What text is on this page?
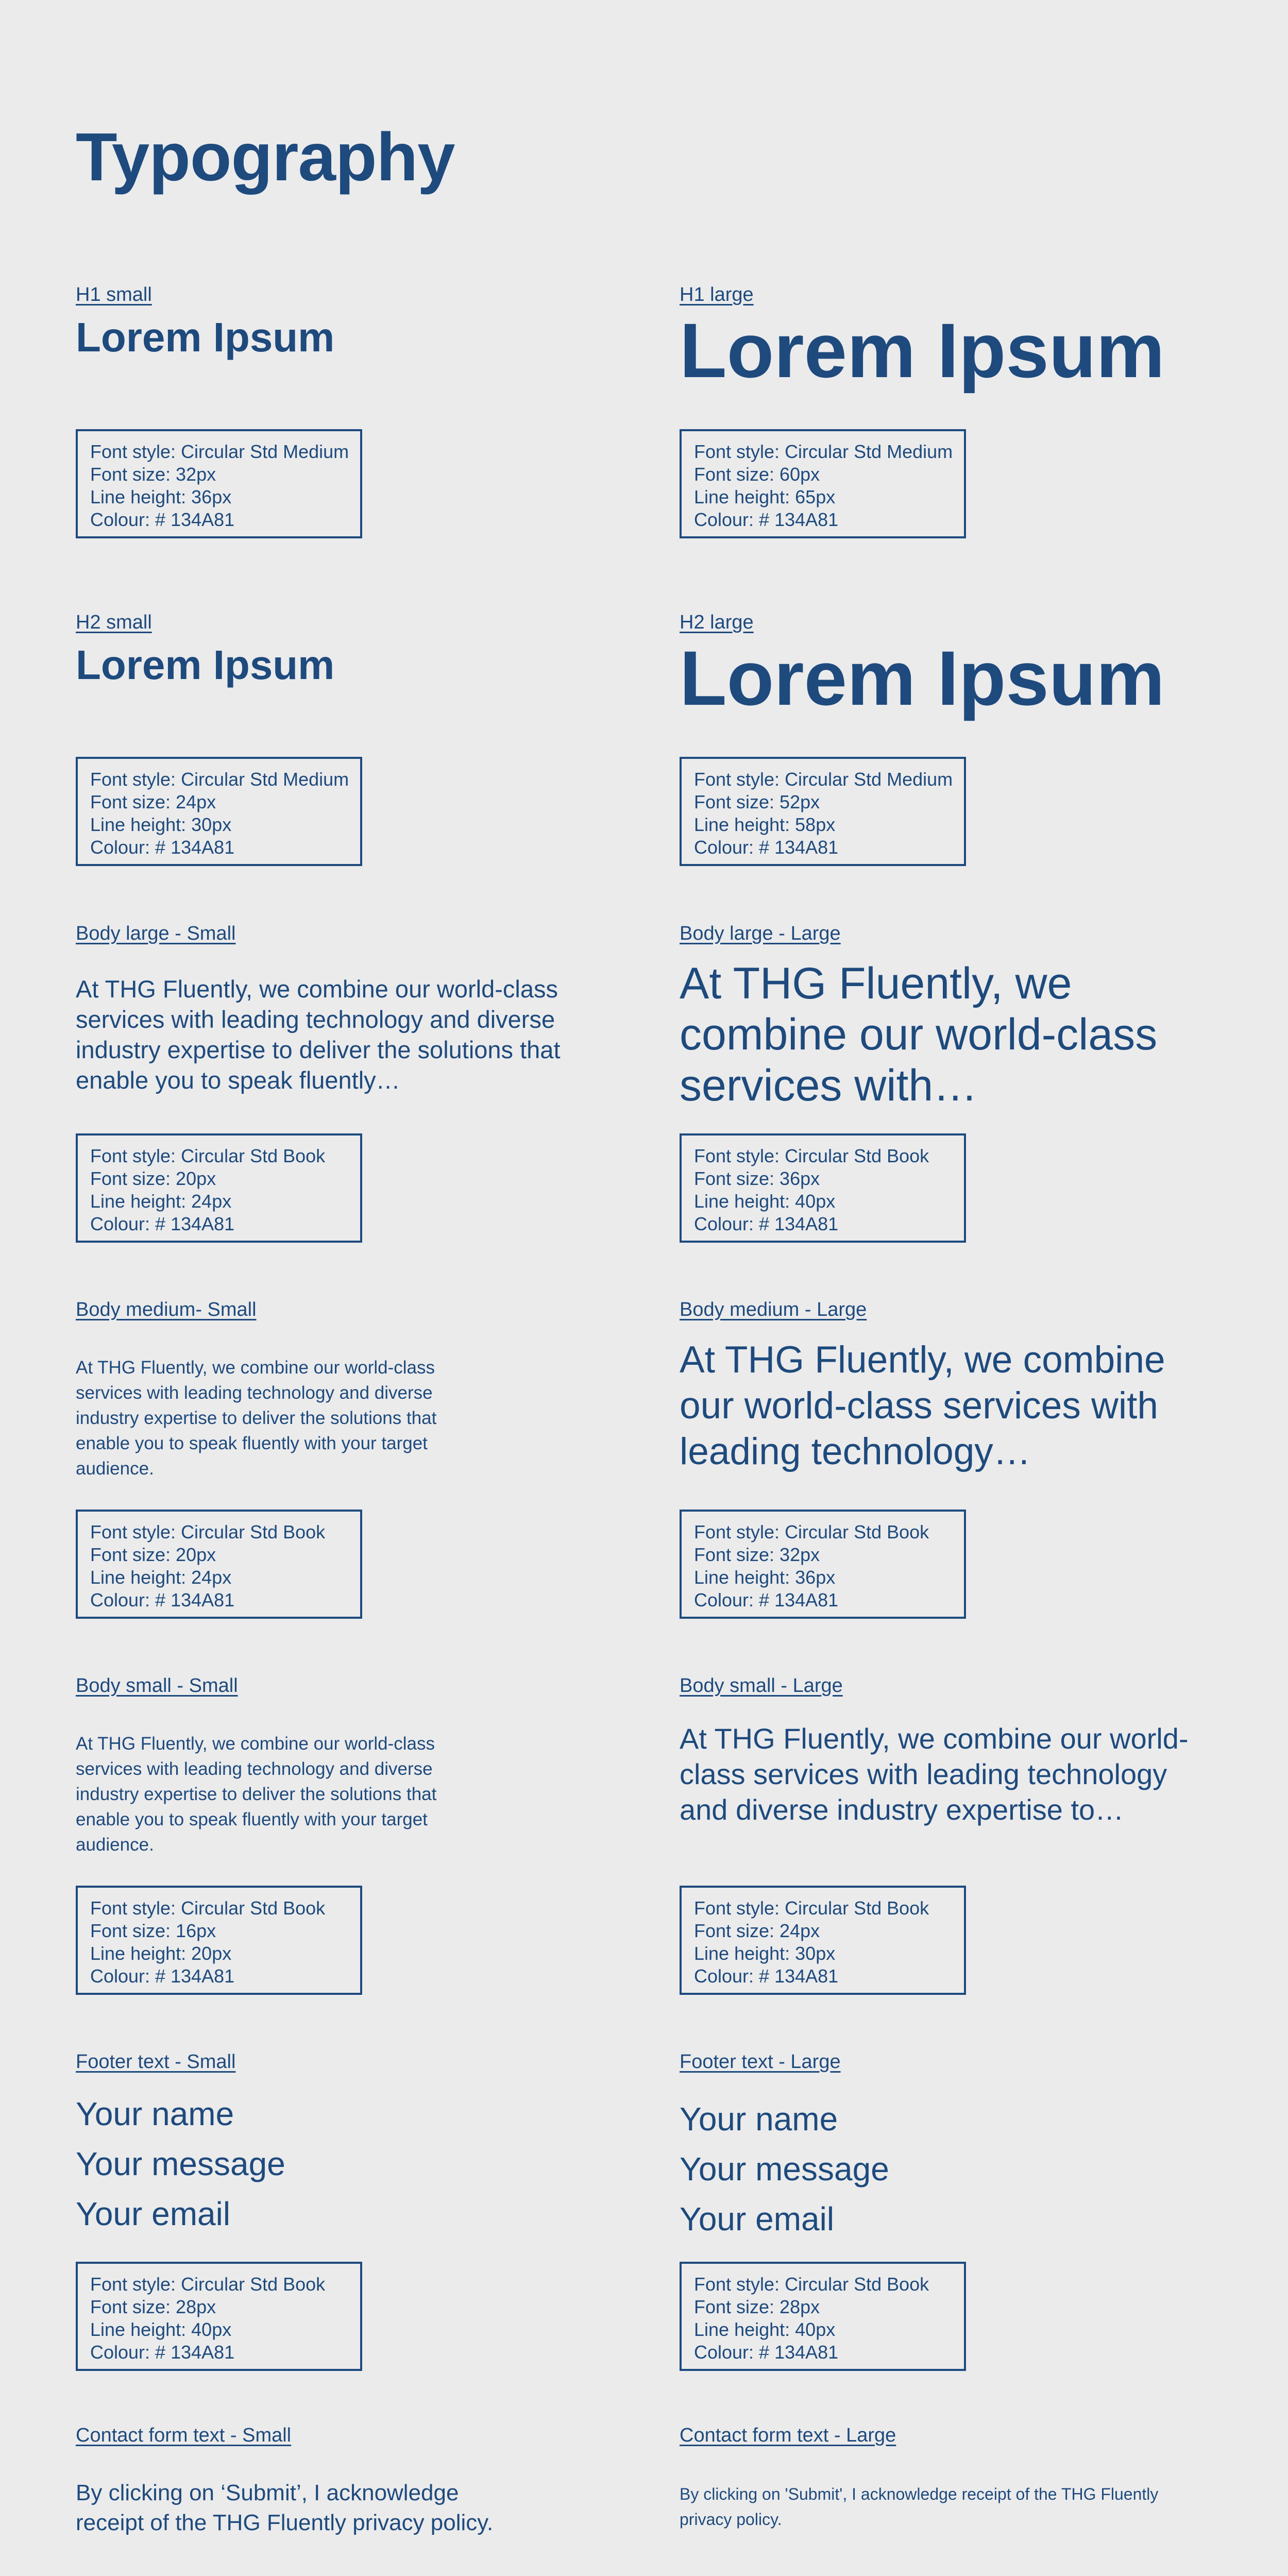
Typography
H1 small
Lorem Ipsum
Font style: Circular Std Medium
Font size: 32px
Line height: 36px
Colour: # 134A81
H1 large
Lorem Ipsum
Font style: Circular Std Medium
Font size: 60px
Line height: 65px
Colour: # 134A81
H2 small
Lorem Ipsum
Font style: Circular Std Medium
Font size: 24px
Line height: 30px
Colour: # 134A81
H2 large
Lorem Ipsum
Font style: Circular Std Medium
Font size: 52px
Line height: 58px
Colour: # 134A81
Body large - Small
At THG Fluently, we combine our world-class services with leading technology and diverse industry expertise to deliver the solutions that enable you to speak fluently…
Font style: Circular Std Book
Font size: 20px
Line height: 24px
Colour: # 134A81
Body large - Large
At THG Fluently, we combine our world-class services with…
Font style: Circular Std Book
Font size: 36px
Line height: 40px
Colour: # 134A81
Body medium- Small
At THG Fluently, we combine our world-class services with leading technology and diverse industry expertise to deliver the solutions that enable you to speak fluently with your target audience.
Font style: Circular Std Book
Font size: 20px
Line height: 24px
Colour: # 134A81
Body medium - Large
At THG Fluently, we combine our world-class services with leading technology…
Font style: Circular Std Book
Font size: 32px
Line height: 36px
Colour: # 134A81
Body small - Small
At THG Fluently, we combine our world-class services with leading technology and diverse industry expertise to deliver the solutions that enable you to speak fluently with your target audience.
Font style: Circular Std Book
Font size: 16px
Line height: 20px
Colour: # 134A81
Body small - Large
At THG Fluently, we combine our world-class services with leading technology and diverse industry expertise to…
Font style: Circular Std Book
Font size: 24px
Line height: 30px
Colour: # 134A81
Footer text - Small
Your name
Your message
Your email
Font style: Circular Std Book
Font size: 28px
Line height: 40px
Colour: # 134A81
Footer text - Large
Your name
Your message
Your email
Font style: Circular Std Book
Font size: 28px
Line height: 40px
Colour: # 134A81
Contact form text - Small
By clicking on ‘Submit’, I acknowledge receipt of the THG Fluently privacy policy.
Contact form text - Large
By clicking on 'Submit', I acknowledge receipt of the THG Fluently privacy policy.
